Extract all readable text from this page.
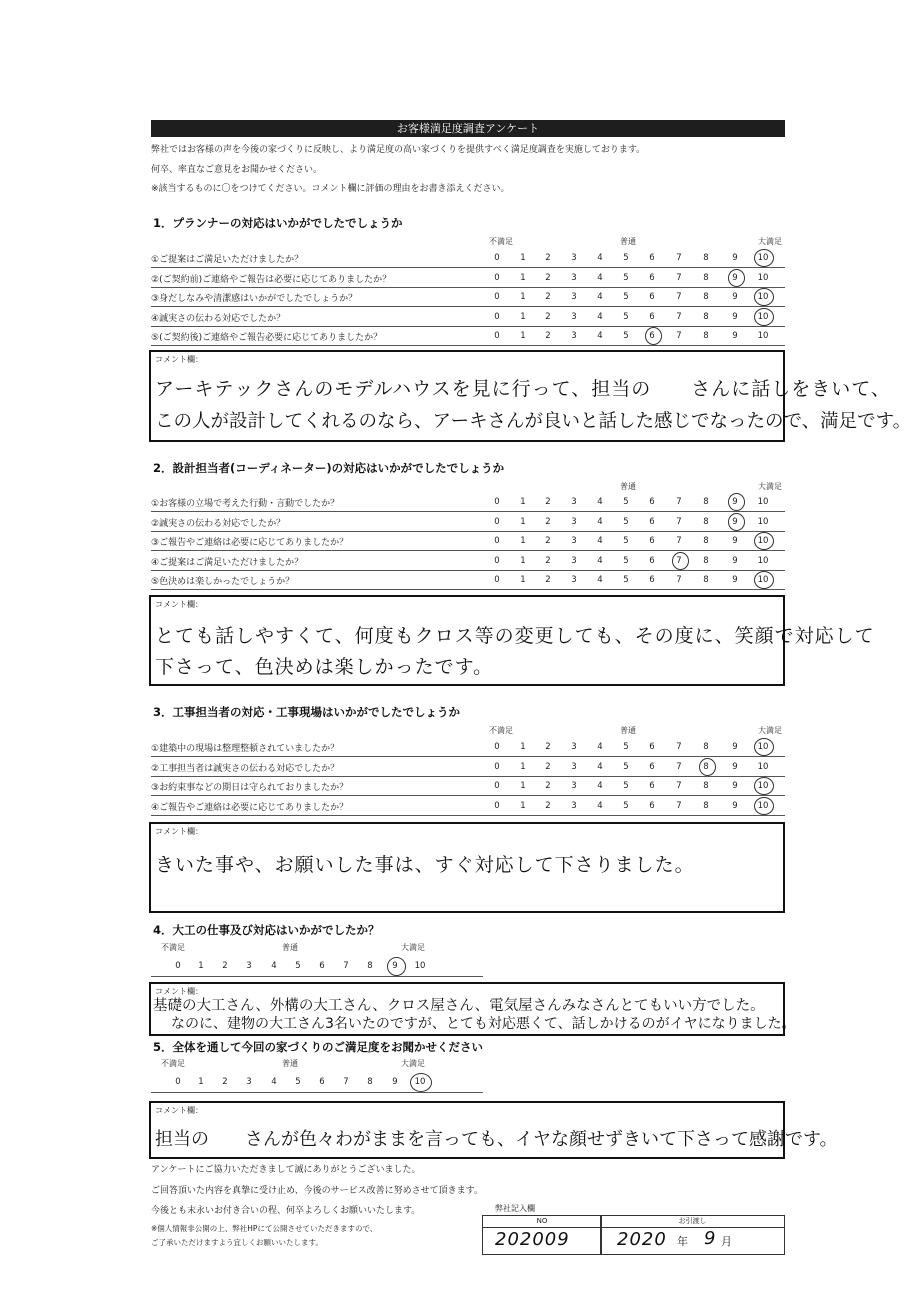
お客様満足度調査アンケート
弊社ではお客様の声を今後の家づくりに反映し、より満足度の高い家づくりを提供すべく満足度調査を実施しております。
何卒、率直なご意見をお聞かせください。
※該当するものに〇をつけてください。コメント欄に評価の理由をお書き添えください。
1．プランナーの対応はいかがでしたでしょうか
不満足	普通	大満足
①ご提案はご満足いただけましたか？	0	1	2	3	4	5	6	7	8	9	10
②(ご契約前)ご連絡やご報告は必要に応じてありましたか？	0	1	2	3	4	5	6	7	8	9	10
③身だしなみや清潔感はいかがでしたでしょうか？	0	1	2	3	4	5	6	7	8	9	10
④誠実さの伝わる対応でしたか？	0	1	2	3	4	5	6	7	8	9	10
⑤(ご契約後)ご連絡やご報告必要に応じてありましたか？	0	1	2	3	4	5	6	7	8	9	10
コメント欄：
アーキテックさんのモデルハウスを見に行って、担当の　　さんに話しをきいて、
この人が設計してくれるのなら、アーキさんが良いと話した感じでなったので、満足です。
2．設計担当者(コーディネーター)の対応はいかがでしたでしょうか
普通	大満足
①お客様の立場で考えた行動・言動でしたか？	0	1	2	3	4	5	6	7	8	9	10
②誠実さの伝わる対応でしたか？	0	1	2	3	4	5	6	7	8	9	10
③ご報告やご連絡は必要に応じてありましたか？	0	1	2	3	4	5	6	7	8	9	10
④ご提案はご満足いただけましたか？	0	1	2	3	4	5	6	7	8	9	10
⑤色決めは楽しかったでしょうか？	0	1	2	3	4	5	6	7	8	9	10
コメント欄：
とても話しやすくて、何度もクロス等の変更しても、その度に、笑顔で対応して
下さって、色決めは楽しかったです。
3．工事担当者の対応・工事現場はいかがでしたでしょうか
不満足	普通	大満足
①建築中の現場は整理整頓されていましたか？	0	1	2	3	4	5	6	7	8	9	10
②工事担当者は誠実さの伝わる対応でしたか？	0	1	2	3	4	5	6	7	8	9	10
③お約束事などの期日は守られておりましたか？	0	1	2	3	4	5	6	7	8	9	10
④ご報告やご連絡は必要に応じてありましたか？	0	1	2	3	4	5	6	7	8	9	10
コメント欄：
きいた事や、お願いした事は、すぐ対応して下さりました。
4．大工の仕事及び対応はいかがでしたか？
不満足	普通	大満足
0	1	2	3	4	5	6	7	8	9	10
コメント欄：
基礎の大工さん、外構の大工さん、クロス屋さん、電気屋さんみなさんとてもいい方でした。
なのに、建物の大工さん3名いたのですが、とても対応悪くて、話しかけるのがイヤになりました。
5．全体を通して今回の家づくりのご満足度をお聞かせください
不満足	普通	大満足
0	1	2	3	4	5	6	7	8	9	10
コメント欄：
担当の　　さんが色々わがままを言っても、イヤな顔せずきいて下さって感謝です。
アンケートにご協力いただきまして誠にありがとうございました。
ご回答頂いた内容を真摯に受け止め、今後のサービス改善に努めさせて頂きます。
今後とも末永いお付き合いの程、何卒よろしくお願いいたします。
※個人情報非公開の上、弊社HPにて公開させていただきますので、
ご了承いただけますよう宜しくお願いいたします。
弊社記入欄
NO
202009
お引渡し
2020 年 9 月
